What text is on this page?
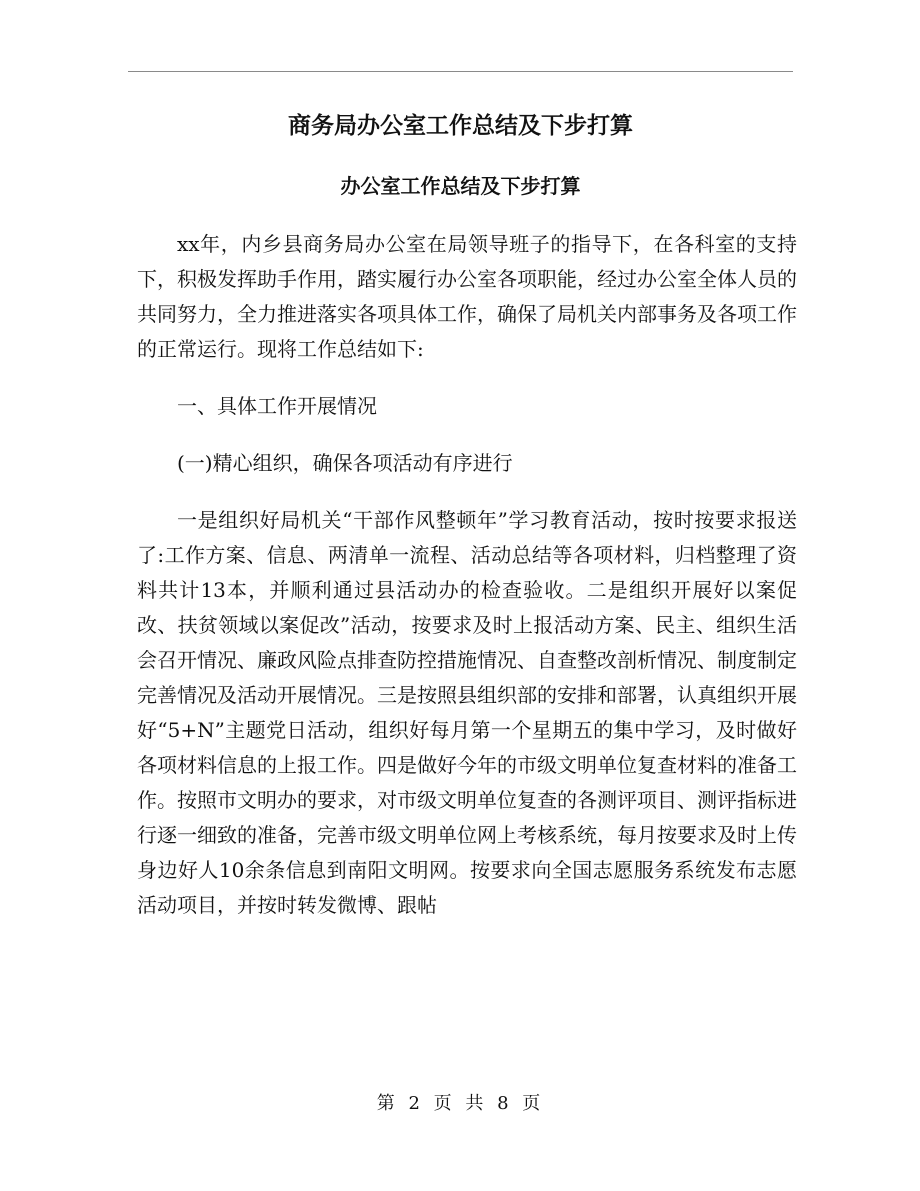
商务局办公室工作总结及下步打算
办公室工作总结及下步打算

xx年，内乡县商务局办公室在局领导班子的指导下，在各科室的支持下，积极发挥助手作用，踏实履行办公室各项职能，经过办公室全体人员的共同努力，全力推进落实各项具体工作，确保了局机关内部事务及各项工作的正常运行。现将工作总结如下:

一、具体工作开展情况

(一)精心组织，确保各项活动有序进行

一是组织好局机关“干部作风整顿年”学习教育活动，按时按要求报送了:工作方案、信息、两清单一流程、活动总结等各项材料，归档整理了资料共计13本，并顺利通过县活动办的检查验收。二是组织开展好以案促改、扶贫领域以案促改”活动，按要求及时上报活动方案、民主、组织生活会召开情况、廉政风险点排查防控措施情况、自查整改剖析情况、制度制定完善情况及活动开展情况。三是按照县组织部的安排和部署，认真组织开展好“5+N”主题党日活动，组织好每月第一个星期五的集中学习，及时做好各项材料信息的上报工作。四是做好今年的市级文明单位复查材料的准备工作。按照市文明办的要求，对市级文明单位复查的各测评项目、测评指标进行逐一细致的准备，完善市级文明单位网上考核系统，每月按要求及时上传身边好人10余条信息到南阳文明网。按要求向全国志愿服务系统发布志愿活动项目，并按时转发微博、跟帖

第 2 页 共 8 页
